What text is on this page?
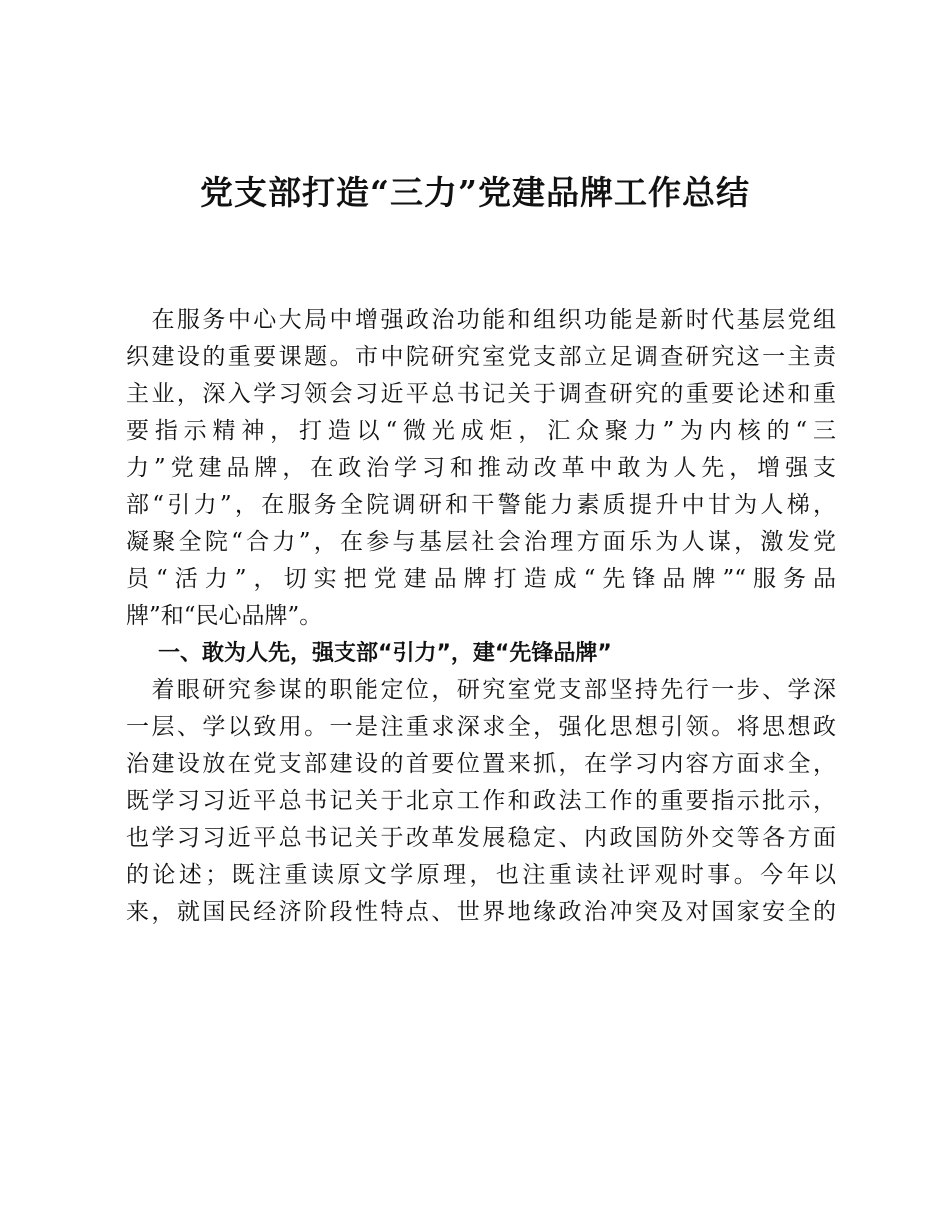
党支部打造“三力”党建品牌工作总结
　在服务中心大局中增强政治功能和组织功能是新时代基层党组
织建设的重要课题。市中院研究室党支部立足调查研究这一主责
主业，深入学习领会习近平总书记关于调查研究的重要论述和重
要指示精神，打造以“微光成炬，汇众聚力”为内核的“三
力”党建品牌，在政治学习和推动改革中敢为人先，增强支
部“引力”，在服务全院调研和干警能力素质提升中甘为人梯，
凝聚全院“合力”，在参与基层社会治理方面乐为人谋，激发党
员“活力”，切实把党建品牌打造成“先锋品牌”“服务品
牌”和“民心品牌”。
一、敢为人先，强支部“引力”，建“先锋品牌”
　着眼研究参谋的职能定位，研究室党支部坚持先行一步、学深
一层、学以致用。一是注重求深求全，强化思想引领。将思想政
治建设放在党支部建设的首要位置来抓，在学习内容方面求全，
既学习习近平总书记关于北京工作和政法工作的重要指示批示，
也学习习近平总书记关于改革发展稳定、内政国防外交等各方面
的论述；既注重读原文学原理，也注重读社评观时事。今年以
来，就国民经济阶段性特点、世界地缘政治冲突及对国家安全的
